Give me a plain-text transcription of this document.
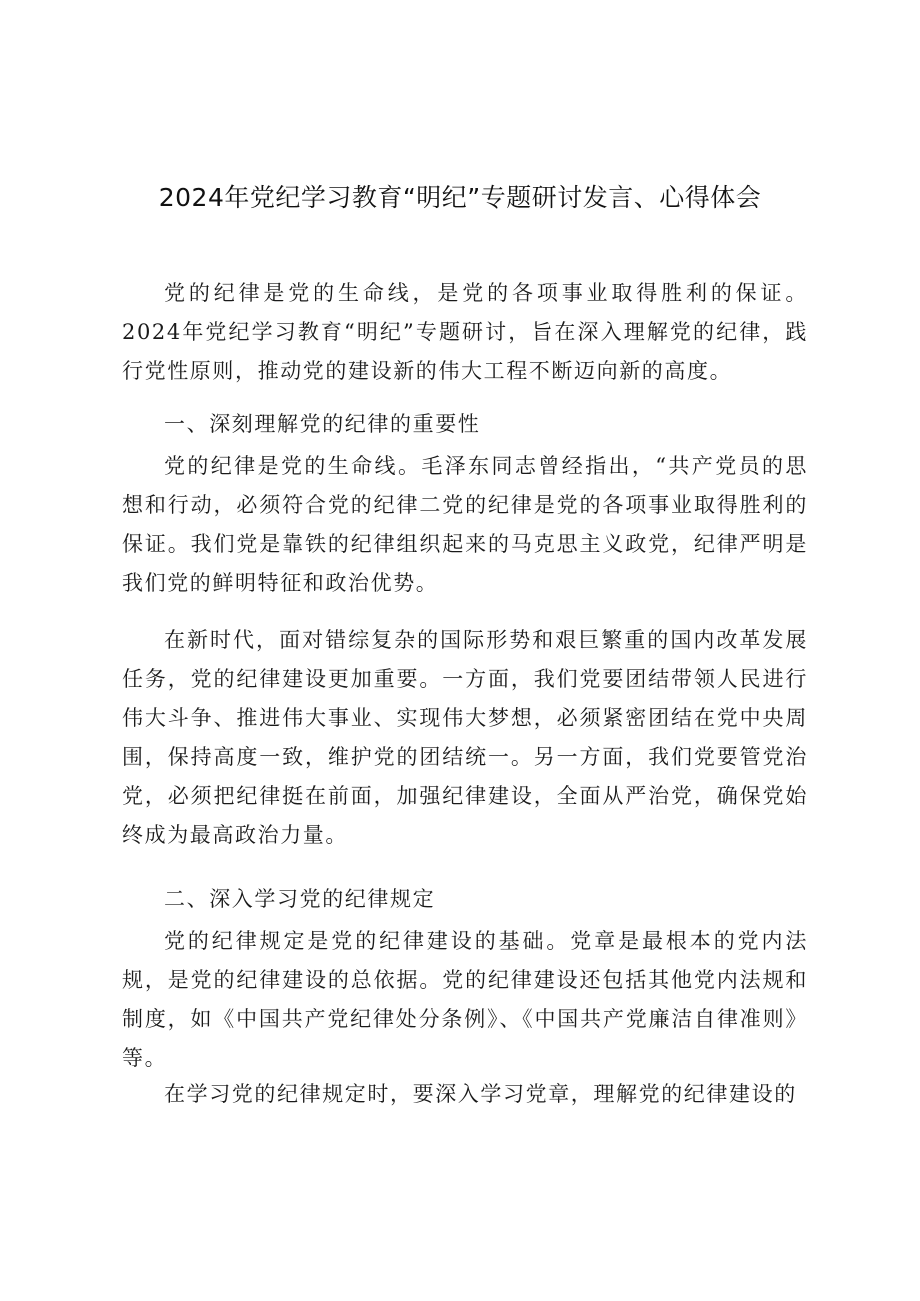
2024年党纪学习教育“明纪”专题研讨发言、心得体会

党的纪律是党的生命线，是党的各项事业取得胜利的保证。2024年党纪学习教育“明纪”专题研讨，旨在深入理解党的纪律，践行党性原则，推动党的建设新的伟大工程不断迈向新的高度。

一、深刻理解党的纪律的重要性

党的纪律是党的生命线。毛泽东同志曾经指出，“共产党员的思想和行动，必须符合党的纪律二党的纪律是党的各项事业取得胜利的保证。我们党是靠铁的纪律组织起来的马克思主义政党，纪律严明是我们党的鲜明特征和政治优势。

在新时代，面对错综复杂的国际形势和艰巨繁重的国内改革发展任务，党的纪律建设更加重要。一方面，我们党要团结带领人民进行伟大斗争、推进伟大事业、实现伟大梦想，必须紧密团结在党中央周围，保持高度一致，维护党的团结统一。另一方面，我们党要管党治党，必须把纪律挺在前面，加强纪律建设，全面从严治党，确保党始终成为最高政治力量。

二、深入学习党的纪律规定

党的纪律规定是党的纪律建设的基础。党章是最根本的党内法规，是党的纪律建设的总依据。党的纪律建设还包括其他党内法规和制度，如《中国共产党纪律处分条例》、《中国共产党廉洁自律准则》等。

在学习党的纪律规定时，要深入学习党章，理解党的纪律建设的
